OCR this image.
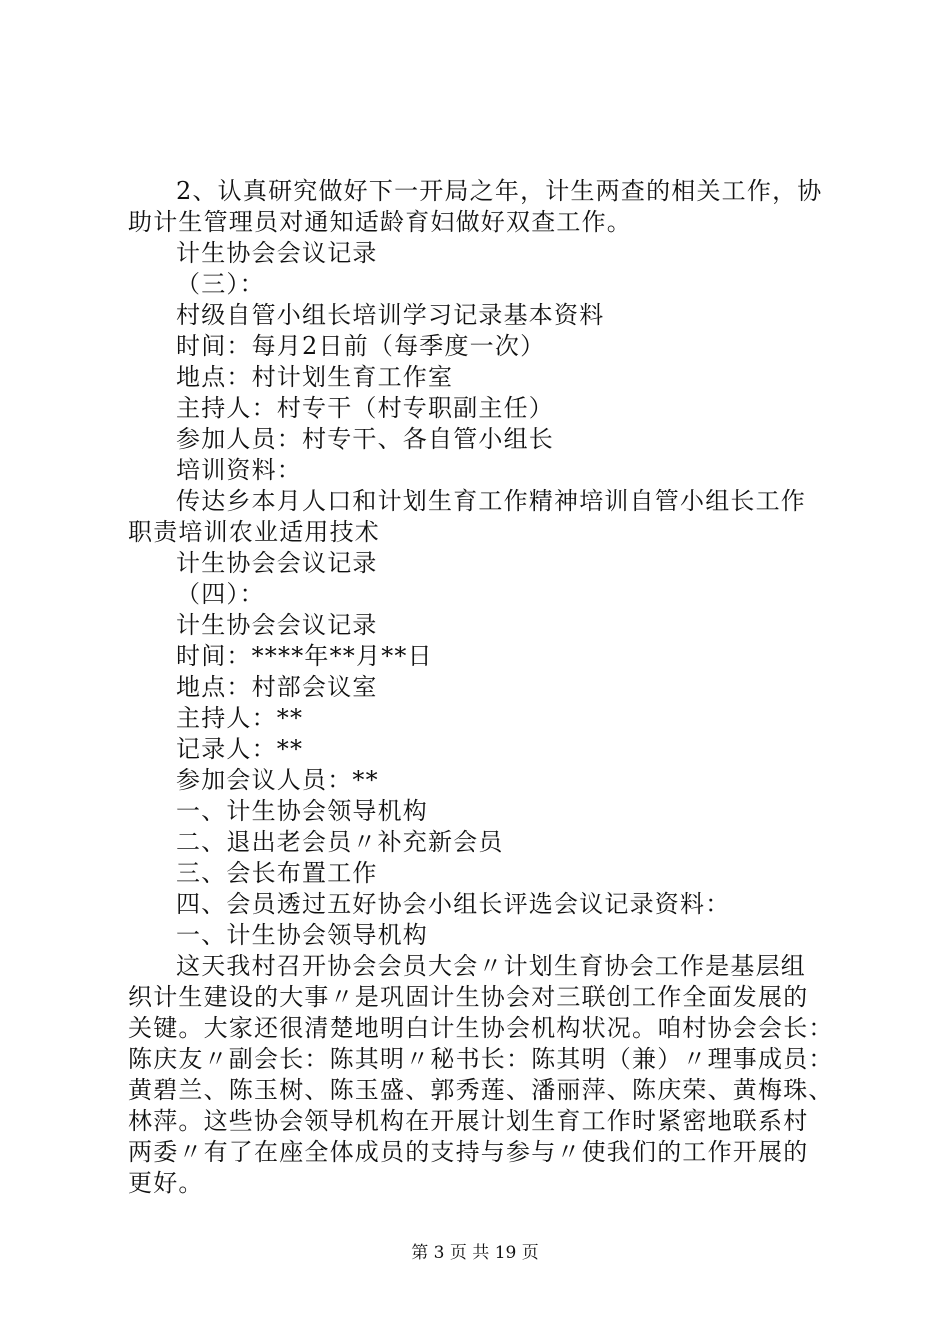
2、认真研究做好下一开局之年，计生两查的相关工作，协
助计生管理员对通知适龄育妇做好双查工作。
计生协会会议记录
（三）：
村级自管小组长培训学习记录基本资料
时间：每月2日前（每季度一次）
地点：村计划生育工作室
主持人：村专干（村专职副主任）
参加人员：村专干、各自管小组长
培训资料：
传达乡本月人口和计划生育工作精神培训自管小组长工作
职责培训农业适用技术
计生协会会议记录
（四）：
计生协会会议记录
时间：****年**月**日
地点：村部会议室
主持人：**
记录人：**
参加会议人员：**
一、计生协会领导机构
二、退出老会员〃补充新会员
三、会长布置工作
四、会员透过五好协会小组长评选会议记录资料：
一、计生协会领导机构
这天我村召开协会会员大会〃计划生育协会工作是基层组
织计生建设的大事〃是巩固计生协会对三联创工作全面发展的
关键。大家还很清楚地明白计生协会机构状况。咱村协会会长：
陈庆友〃副会长：陈其明〃秘书长：陈其明（兼）〃理事成员：
黄碧兰、陈玉树、陈玉盛、郭秀莲、潘丽萍、陈庆荣、黄梅珠、
林萍。这些协会领导机构在开展计划生育工作时紧密地联系村
两委〃有了在座全体成员的支持与参与〃使我们的工作开展的
更好。
第 3 页 共 19 页
